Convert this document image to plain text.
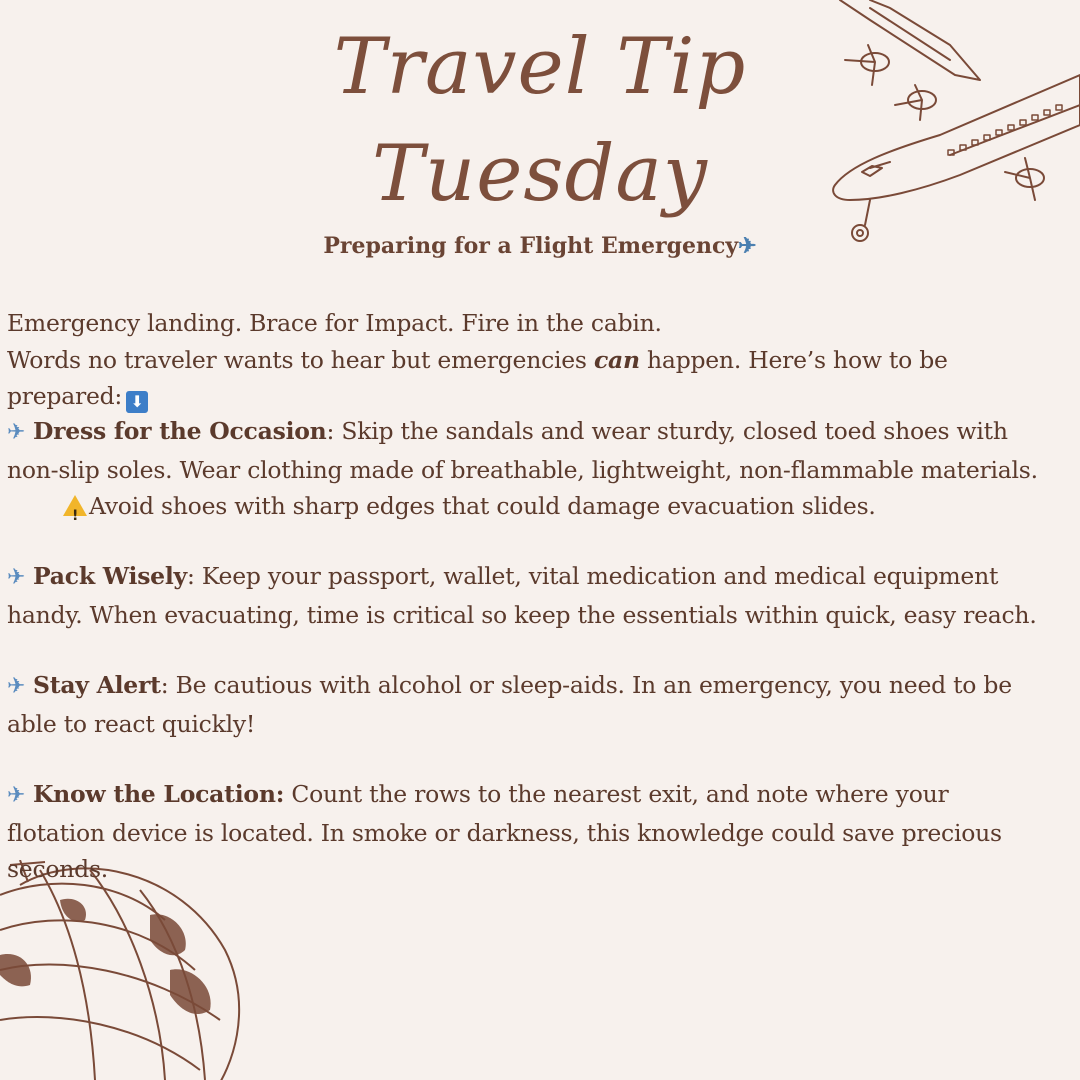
Travel Tip
Tuesday
Preparing for a Flight Emergency✈

Emergency landing. Brace for Impact. Fire in the cabin.

Words no traveler wants to hear but emergencies can happen. Here’s how to be prepared: ⬇

✈ Dress for the Occasion: Skip the sandals and wear sturdy, closed toed shoes with non-slip soles. Wear clothing made of breathable, lightweight, non-flammable materials.

!Avoid shoes with sharp edges that could damage evacuation slides.

✈ Pack Wisely: Keep your passport, wallet, vital medication and medical equipment handy. When evacuating, time is critical so keep the essentials within quick, easy reach.

✈ Stay Alert: Be cautious with alcohol or sleep-aids. In an emergency, you need to be able to react quickly!

✈ Know the Location: Count the rows to the nearest exit, and note where your flotation device is located. In smoke or darkness, this knowledge could save precious seconds.
